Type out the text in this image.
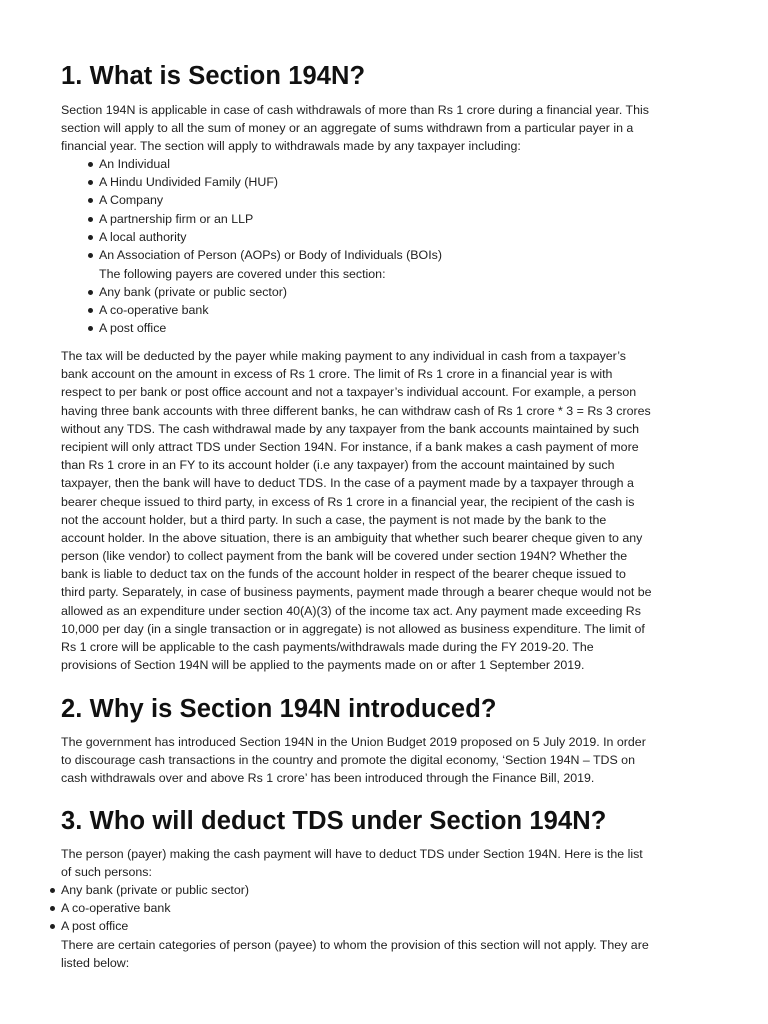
1. What is Section 194N?
Section 194N is applicable in case of cash withdrawals of more than Rs 1 crore during a financial year. This
section will apply to all the sum of money or an aggregate of sums withdrawn from a particular payer in a
financial year. The section will apply to withdrawals made by any taxpayer including:
An Individual
A Hindu Undivided Family (HUF)
A Company
A partnership firm or an LLP
A local authority
An Association of Person (AOPs) or Body of Individuals (BOIs)
The following payers are covered under this section:
Any bank (private or public sector)
A co-operative bank
A post office
The tax will be deducted by the payer while making payment to any individual in cash from a taxpayer’s
bank account on the amount in excess of Rs 1 crore. The limit of Rs 1 crore in a financial year is with
respect to per bank or post office account and not a taxpayer’s individual account. For example, a person
having three bank accounts with three different banks, he can withdraw cash of Rs 1 crore * 3 = Rs 3 crores
without any TDS. The cash withdrawal made by any taxpayer from the bank accounts maintained by such
recipient will only attract TDS under Section 194N. For instance, if a bank makes a cash payment of more
than Rs 1 crore in an FY to its account holder (i.e any taxpayer) from the account maintained by such
taxpayer, then the bank will have to deduct TDS. In the case of a payment made by a taxpayer through a
bearer cheque issued to third party, in excess of Rs 1 crore in a financial year, the recipient of the cash is
not the account holder, but a third party. In such a case, the payment is not made by the bank to the
account holder. In the above situation, there is an ambiguity that whether such bearer cheque given to any
person (like vendor) to collect payment from the bank will be covered under section 194N? Whether the
bank is liable to deduct tax on the funds of the account holder in respect of the bearer cheque issued to
third party. Separately, in case of business payments, payment made through a bearer cheque would not be
allowed as an expenditure under section 40(A)(3) of the income tax act. Any payment made exceeding Rs
10,000 per day (in a single transaction or in aggregate) is not allowed as business expenditure. The limit of
Rs 1 crore will be applicable to the cash payments/withdrawals made during the FY 2019-20. The
provisions of Section 194N will be applied to the payments made on or after 1 September 2019.
2. Why is Section 194N introduced?
The government has introduced Section 194N in the Union Budget 2019 proposed on 5 July 2019. In order
to discourage cash transactions in the country and promote the digital economy, ‘Section 194N – TDS on
cash withdrawals over and above Rs 1 crore’ has been introduced through the Finance Bill, 2019.
3. Who will deduct TDS under Section 194N?
The person (payer) making the cash payment will have to deduct TDS under Section 194N. Here is the list
of such persons:
Any bank (private or public sector)
A co-operative bank
A post office
There are certain categories of person (payee) to whom the provision of this section will not apply. They are
listed below:
